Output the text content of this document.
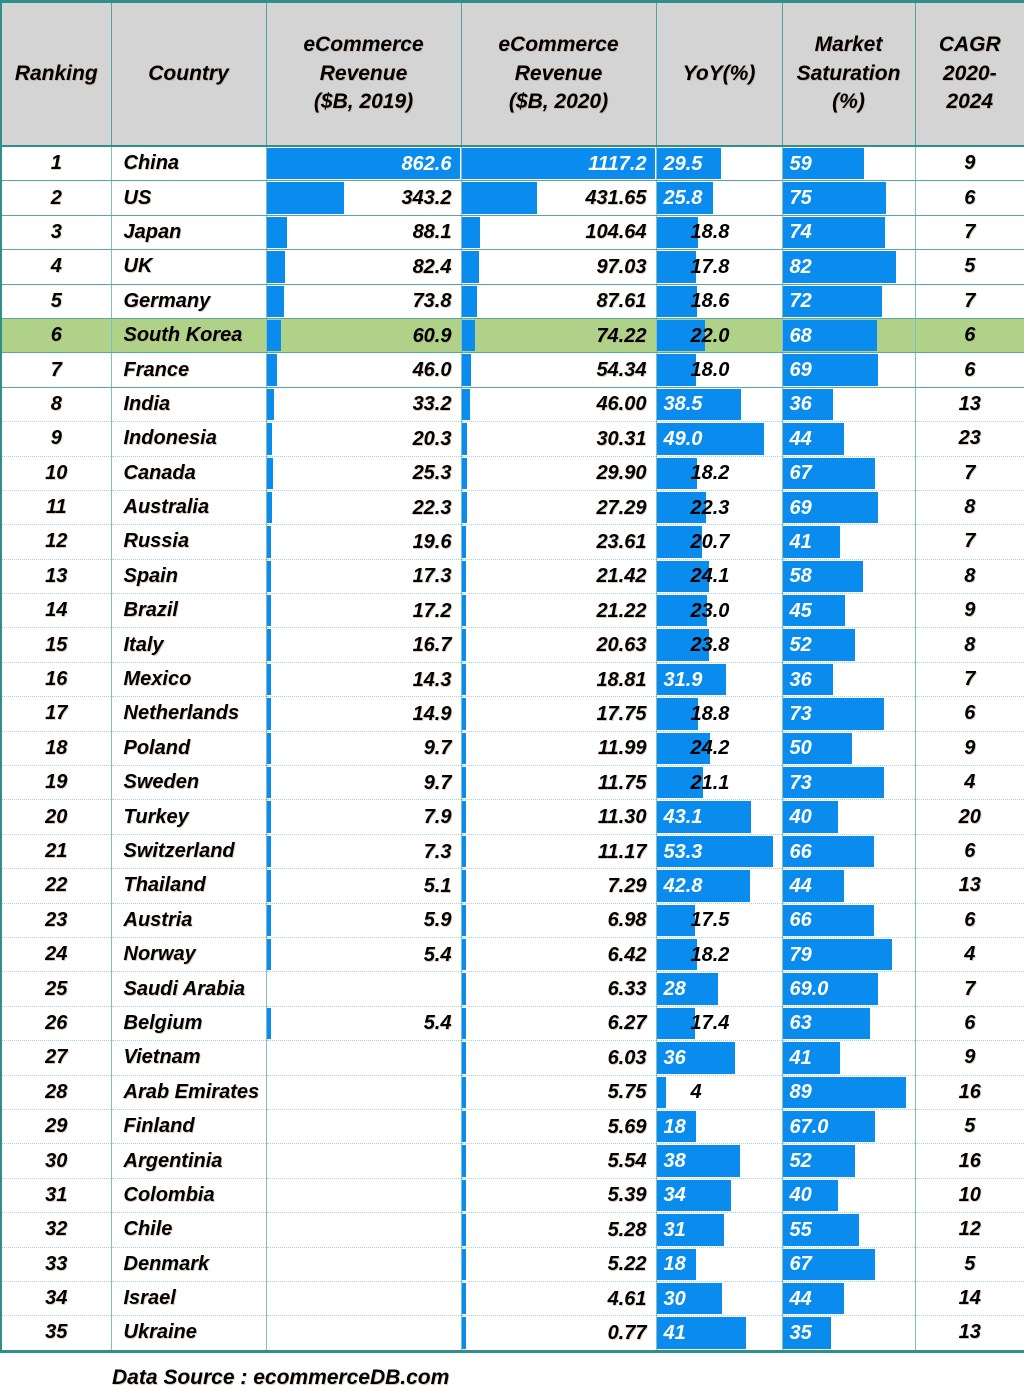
Ranking	Country	eCommerce
Revenue
($B, 2019)	eCommerce
Revenue
($B, 2020)	YoY(%)	Market
Saturation
(%)	CAGR
2020-
2024
1	China	862.6	1117.2	29.5	59	9
2	US	343.2	431.65	25.8	75	6
3	Japan	88.1	104.64	18.8	74	7
4	UK	82.4	97.03	17.8	82	5
5	Germany	73.8	87.61	18.6	72	7
6	South Korea	60.9	74.22	22.0	68	6
7	France	46.0	54.34	18.0	69	6
8	India	33.2	46.00	38.5	36	13
9	Indonesia	20.3	30.31	49.0	44	23
10	Canada	25.3	29.90	18.2	67	7
11	Australia	22.3	27.29	22.3	69	8
12	Russia	19.6	23.61	20.7	41	7
13	Spain	17.3	21.42	24.1	58	8
14	Brazil	17.2	21.22	23.0	45	9
15	Italy	16.7	20.63	23.8	52	8
16	Mexico	14.3	18.81	31.9	36	7
17	Netherlands	14.9	17.75	18.8	73	6
18	Poland	9.7	11.99	24.2	50	9
19	Sweden	9.7	11.75	21.1	73	4
20	Turkey	7.9	11.30	43.1	40	20
21	Switzerland	7.3	11.17	53.3	66	6
22	Thailand	5.1	7.29	42.8	44	13
23	Austria	5.9	6.98	17.5	66	6
24	Norway	5.4	6.42	18.2	79	4
25	Saudi Arabia		6.33	28	69.0	7
26	Belgium	5.4	6.27	17.4	63	6
27	Vietnam		6.03	36	41	9
28	Arab Emirates		5.75	4	89	16
29	Finland		5.69	18	67.0	5
30	Argentinia		5.54	38	52	16
31	Colombia		5.39	34	40	10
32	Chile		5.28	31	55	12
33	Denmark		5.22	18	67	5
34	Israel		4.61	30	44	14
35	Ukraine		0.77	41	35	13
Data Source : ecommerceDB.com
